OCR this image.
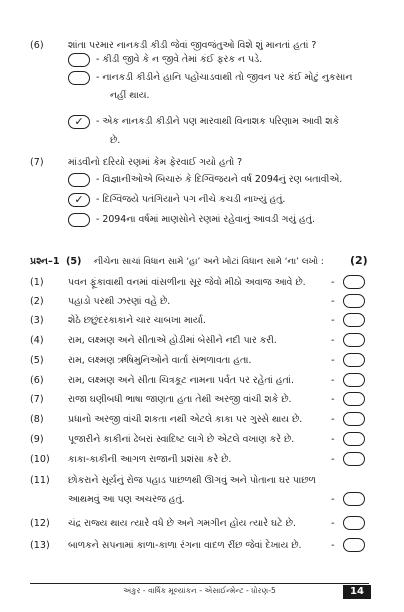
(6)	શાંતા પરમાર નાનકડી કીડી જેવાં જીવજંતુઓ વિશે શું માનતાં હતાં ?
- કીડી જીવે કે ન જીવે તેમાં કંઈ ફરક ન પડે.
- નાનકડી કીડીને હાનિ પહોંચાડવાથી તો જીવન પર કંઈ મોટું નુકસાન
નહીં થાય.
✓	- એક નાનકડી કીડીને પણ મારવાથી વિનાશક પરિણામ આવી શકે
છે.
(7)	માંડવીનો દરિયો રણમાં કેમ ફેરવાઈ ગયો હતો ?
- વિજ્ઞાનીઓએ બિચારું કે દિગ્વિજયને વર્ષ 2094નું રણ બતાવીએ.
✓	- દિગ્વિજયે પતંગિયાને પગ નીચે કચડી નાખ્યું હતું.
- 2094ના વર્ષમાં માણસોને રણમાં રહેવાનું આવડી ગયું હતું.
પ્રશ્ન–1 (5) નીચેના સાચાં વિધાન સામે ‘હા’ અને ખોટાં વિધાન સામે ‘ના’ લખો : (2)
(1)	પવન ફૂંકાવાથી વનમાં વાંસળીના સૂર જેવો મીઠો અવાજ આવે છે.	-
(2)	પહાડો પરથી ઝરણાં વહે છે.	-
(3)	શેઠે છછુંદરકાકાને ચાર ચાબખા માર્યા.	-
(4)	રામ, લક્ષ્મણ અને સીતાએ હોડીમાં બેસીને નદી પાર કરી.	-
(5)	રામ, લક્ષ્મણ ઋષિમુનિઓને વાર્તા સંભળાવતા હતા.	-
(6)	રામ, લક્ષ્મણ અને સીતા ચિત્રકૂટ નામના પર્વત પર રહેતાં હતાં.	-
(7)	રાજા ઘણીબધી ભાષા જાણતા હતા તેથી અરજી વાંચી શકે છે.	-
(8)	પ્રધાનો અરજી વાંચી શકતા નથી એટલે કાકા પર ગુસ્સે થાય છે.	-
(9)	પૂજારીને કાકીનાં ઢેબરાં સ્વાદિષ્ટ લાગે છે એટલે વખાણ કરે છે.	-
(10) કાકા-કાકીની આગળ રાજાની પ્રશંસા કરે છે.	-
(11) છોકરાને સૂર્યનું રોજ પહાડ પાછળથી ઊગવું અને પોતાના ઘર પાછળ
આથમવું આ પણ અચરજ હતું.	-
(12) ચંદ્ર રાજ્ય થાય ત્યારે વધે છે અને ગમગીન હોય ત્યારે ઘટે છે.	-
(13) બાળકને સપનામાં કાળા-કાળા રંગના વાદળ રીંછ જેવાં દેખાય છે.	-
અંકુર - વાર્ષિક મૂલ્યાંકન - એસાઈન્મેન્ટ - ધોરણ-5	14
